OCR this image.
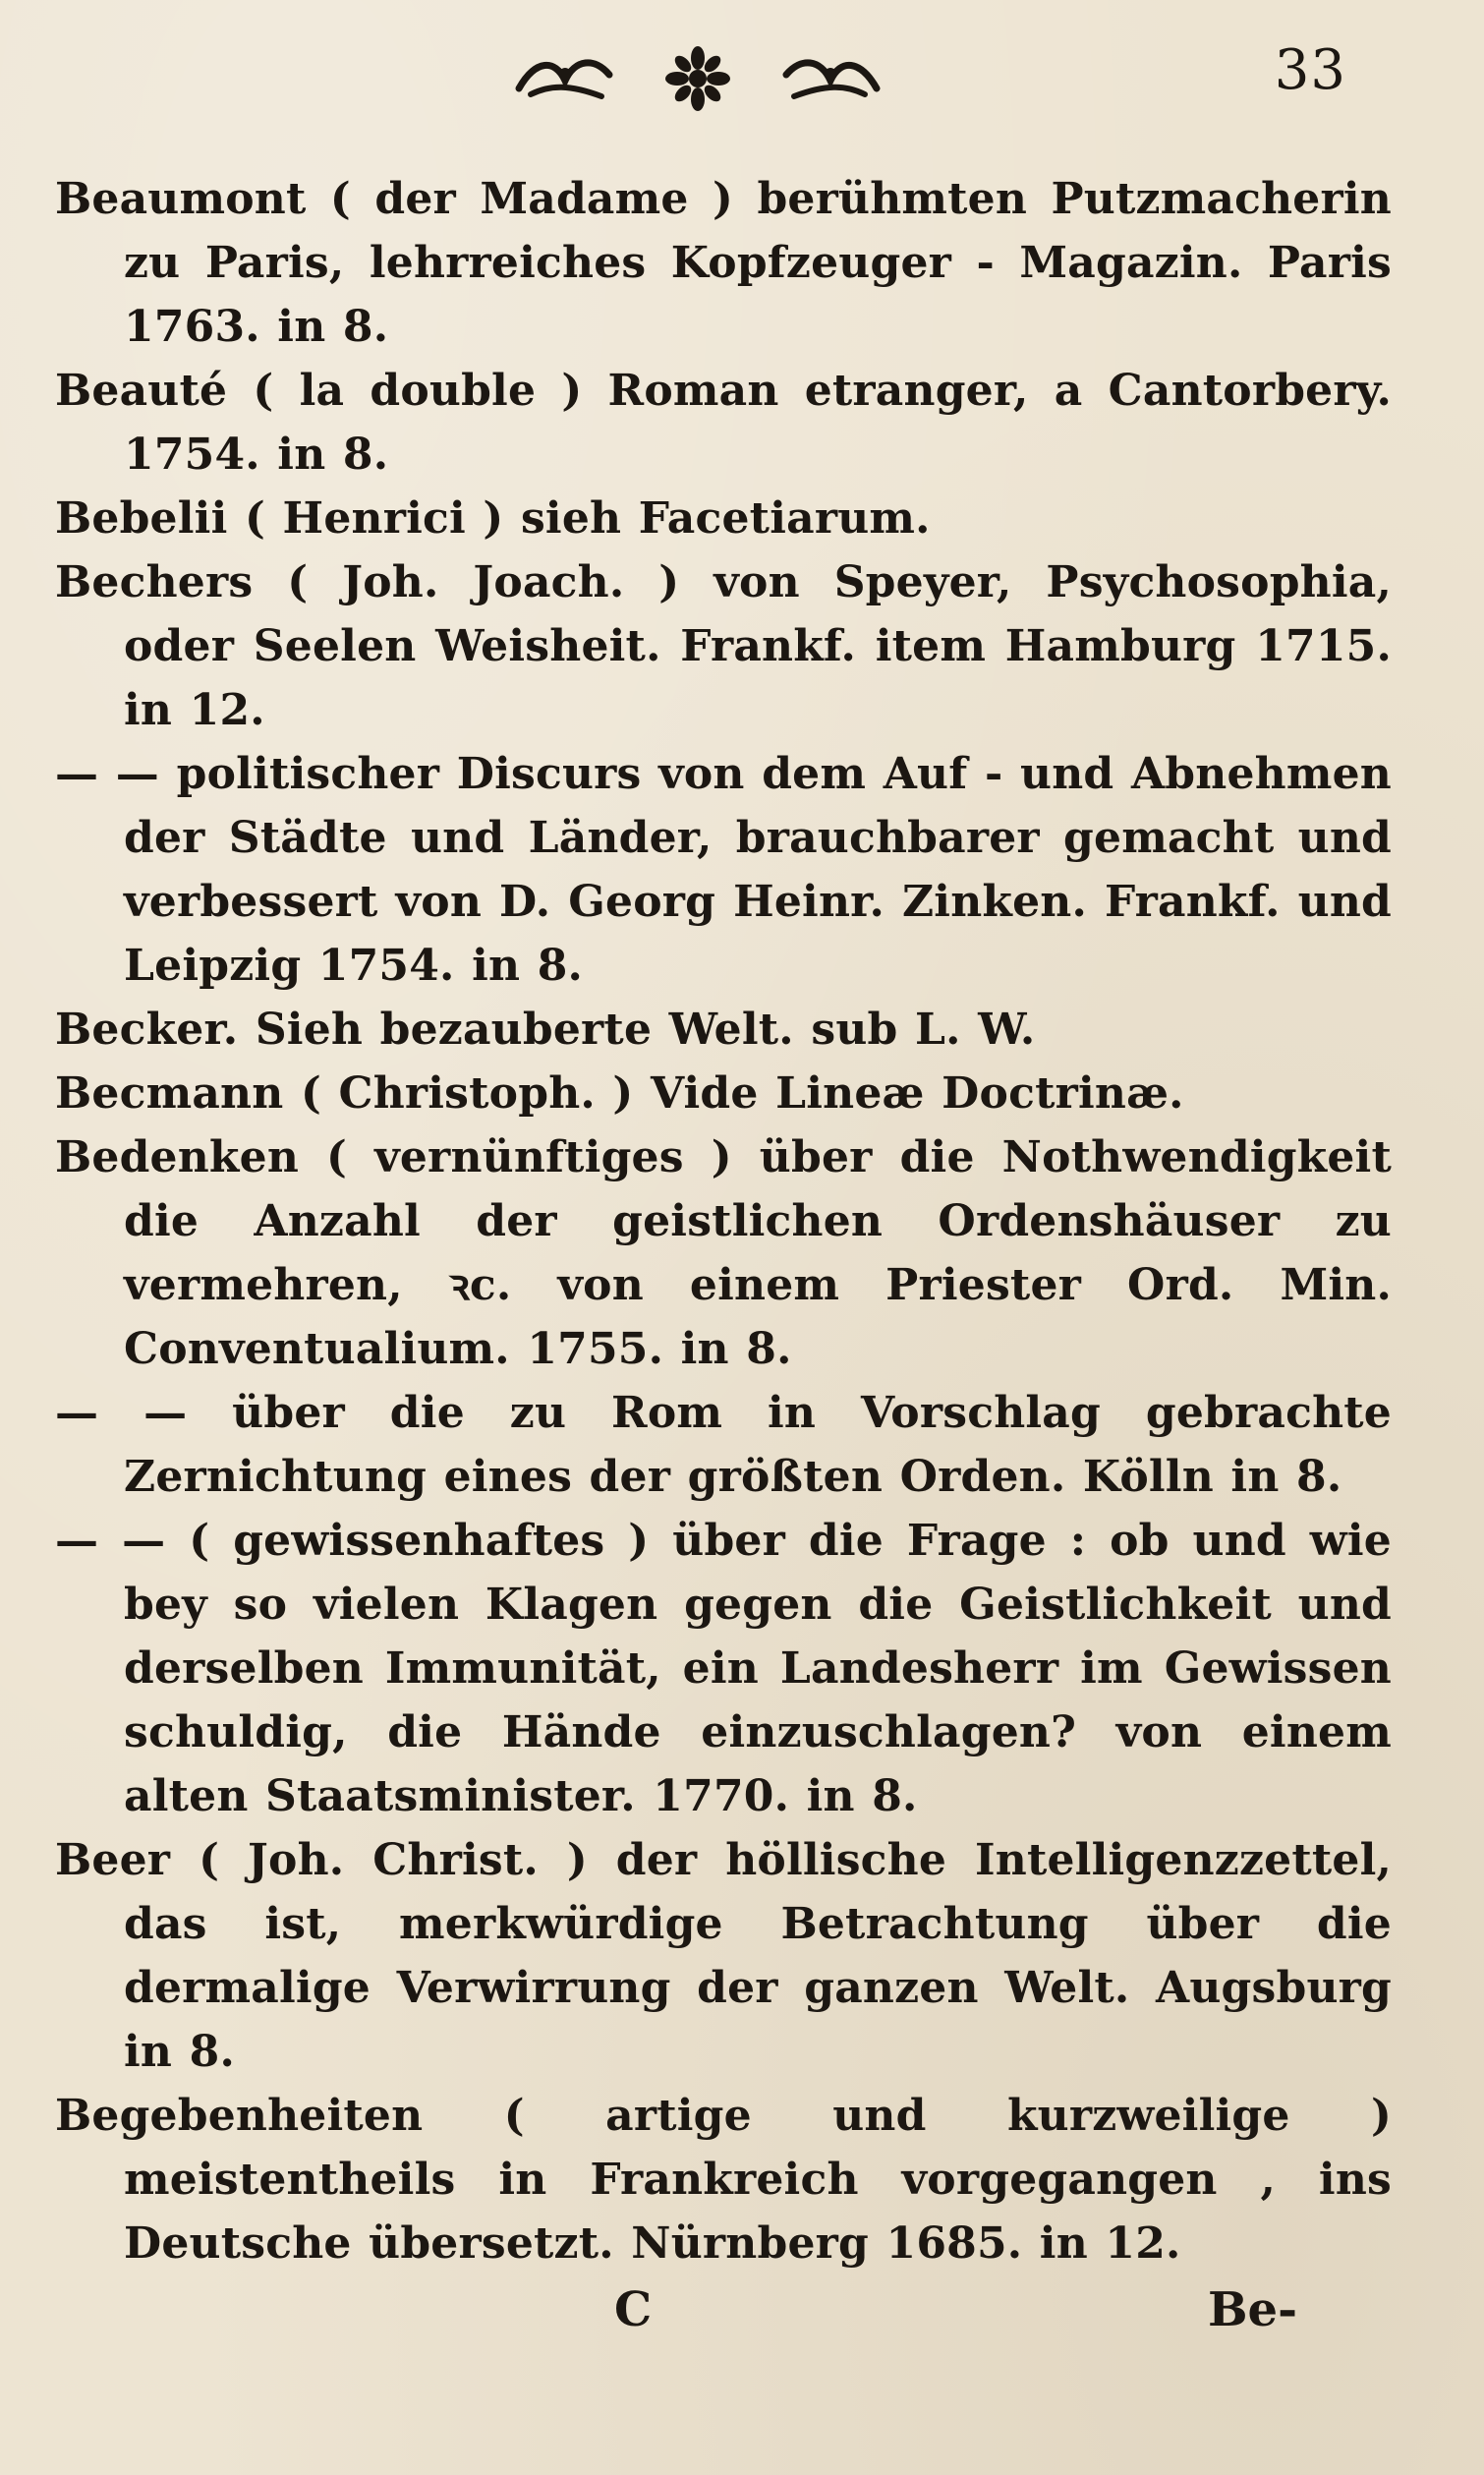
33

Beaumont ( der Madame ) berühmten Putzmacherin zu Paris, lehrreiches Kopfzeuger - Magazin. Paris 1763. in 8.

Beauté ( la double ) Roman etranger, a Cantorbery. 1754. in 8.

Bebelii ( Henrici ) sieh Facetiarum.

Bechers ( Joh. Joach. ) von Speyer, Psychosophia, oder Seelen Weisheit. Frankf. item Hamburg 1715. in 12.

— — politischer Discurs von dem Auf - und Abnehmen der Städte und Länder, brauchbarer gemacht und verbessert von D. Georg Heinr. Zinken. Frankf. und Leipzig 1754. in 8.

Becker. Sieh bezauberte Welt. sub L. W.

Becmann ( Christoph. ) Vide Lineæ Doctrinæ.

Bedenken ( vernünftiges ) über die Nothwendigkeit die Anzahl der geistlichen Ordenshäuser zu vermehren, ꝛc. von einem Priester Ord. Min. Conventualium. 1755. in 8.

— — über die zu Rom in Vorschlag gebrachte Zernichtung eines der größten Orden. Kölln in 8.

— — ( gewissenhaftes ) über die Frage : ob und wie bey so vielen Klagen gegen die Geistlichkeit und derselben Immunität, ein Landesherr im Gewissen schuldig, die Hände einzuschlagen? von einem alten Staatsminister. 1770. in 8.

Beer ( Joh. Christ. ) der höllische Intelligenzzettel, das ist, merkwürdige Betrachtung über die dermalige Verwirrung der ganzen Welt. Augsburg in 8.

Begebenheiten ( artige und kurzweilige ) meistentheils in Frankreich vorgegangen , ins Deutsche übersetzt. Nürnberg 1685. in 12.

C	Be-
